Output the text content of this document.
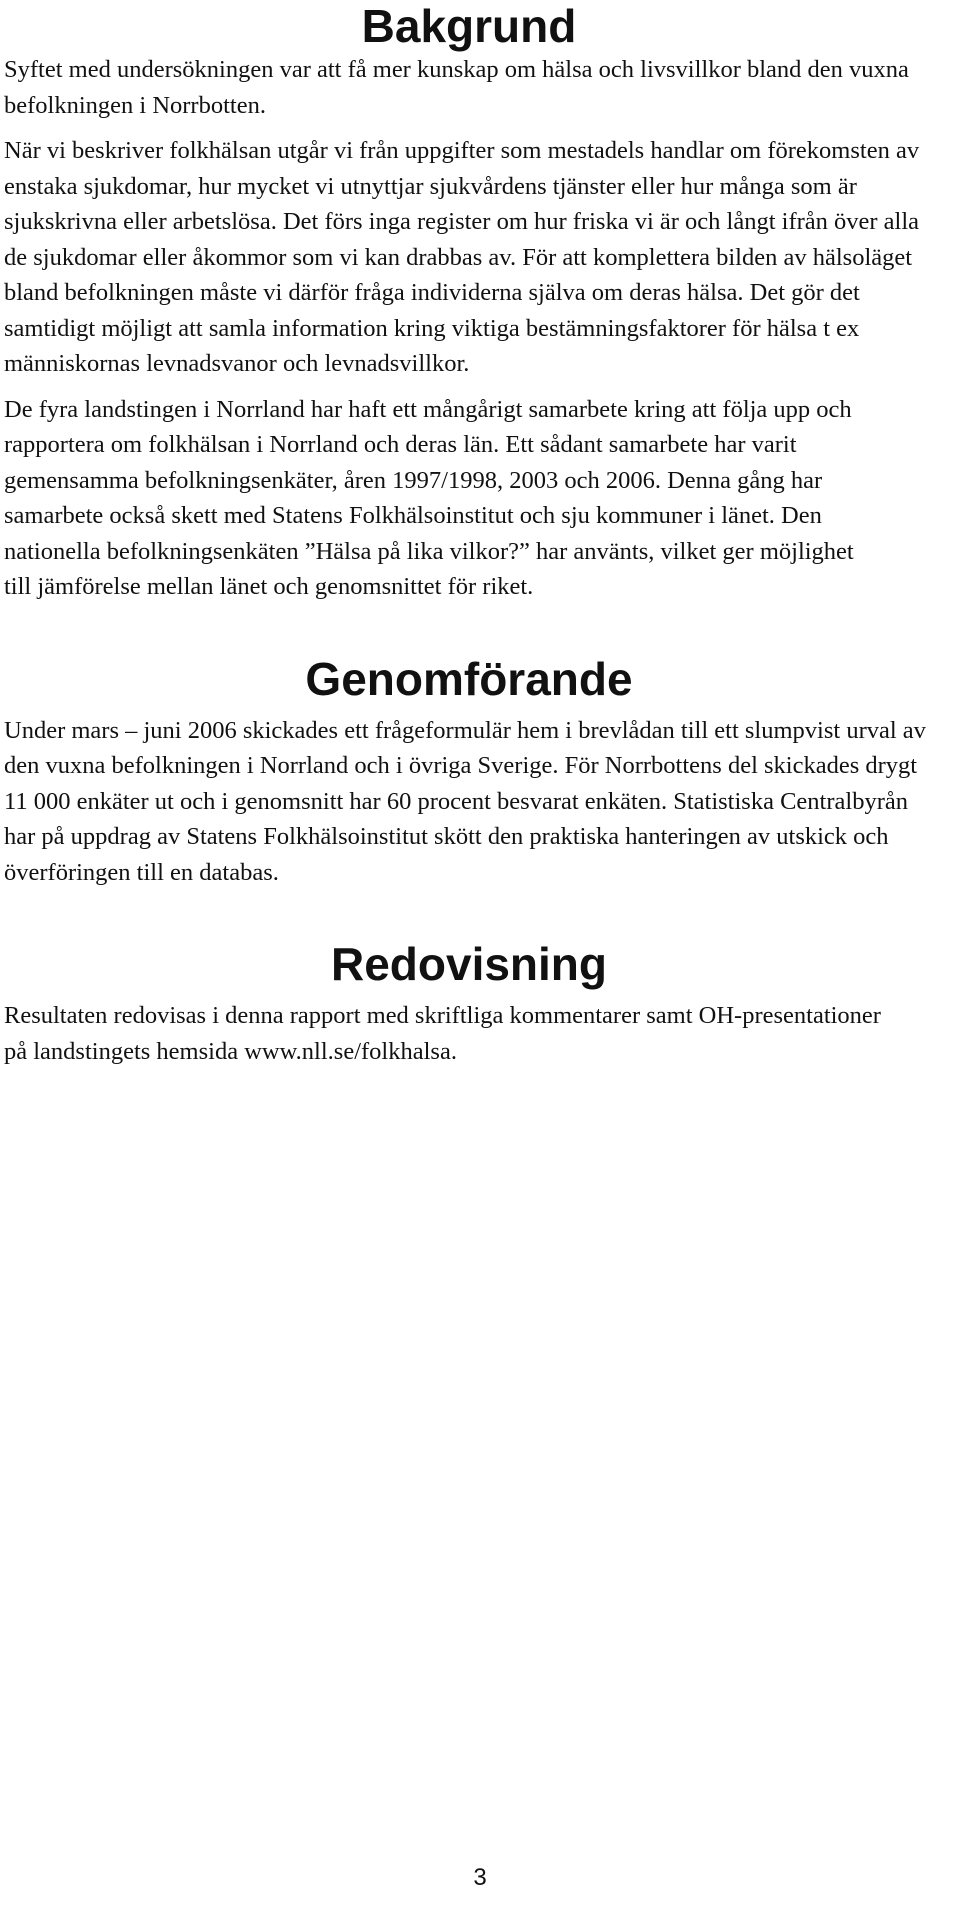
Bakgrund

Syftet med undersökningen var att få mer kunskap om hälsa och livsvillkor bland den vuxna befolkningen i Norrbotten.

När vi beskriver folkhälsan utgår vi från uppgifter som mestadels handlar om förekomsten av enstaka sjukdomar, hur mycket vi utnyttjar sjukvårdens tjänster eller hur många som är sjukskrivna eller arbetslösa. Det förs inga register om hur friska vi är och långt ifrån över alla de sjukdomar eller åkommor som vi kan drabbas av. För att komplettera bilden av hälsoläget bland befolkningen måste vi därför fråga individerna själva om deras hälsa. Det gör det samtidigt möjligt att samla information kring viktiga bestämningsfaktorer för hälsa t ex människornas levnadsvanor och levnadsvillkor.

De fyra landstingen i Norrland har haft ett mångårigt samarbete kring att följa upp och rapportera om folkhälsan i Norrland och deras län. Ett sådant samarbete har varit gemensamma befolkningsenkäter, åren 1997/1998, 2003 och 2006. Denna gång har samarbete också skett med Statens Folkhälsoinstitut och sju kommuner i länet. Den nationella befolkningsenkäten ”Hälsa på lika vilkor?” har använts, vilket ger möjlighet till jämförelse mellan länet och genomsnittet för riket.

Genomförande

Under mars – juni 2006 skickades ett frågeformulär hem i brevlådan till ett slumpvist urval av den vuxna befolkningen i Norrland och i övriga Sverige. För Norrbottens del skickades drygt 11 000 enkäter ut och i genomsnitt har 60 procent besvarat enkäten. Statistiska Centralbyrån har på uppdrag av Statens Folkhälsoinstitut skött den praktiska hanteringen av utskick och överföringen till en databas.

Redovisning

Resultaten redovisas i denna rapport med skriftliga kommentarer samt OH-presentationer på landstingets hemsida www.nll.se/folkhalsa.

3
